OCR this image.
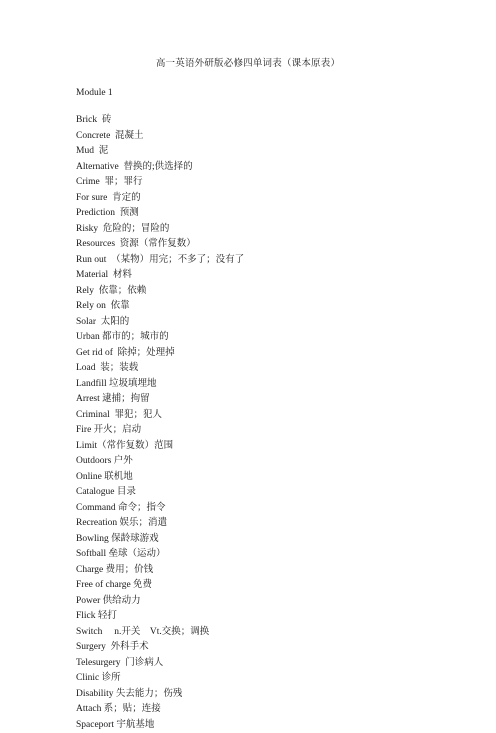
高一英语外研版必修四单词表（课本原表）
Module 1
Brick  砖
Concrete  混凝土
Mud  泥
Alternative  替换的;供选择的
Crime  罪；罪行
For sure  肯定的
Prediction  预测
Risky  危险的；冒险的
Resources  资源（常作复数）
Run out  （某物）用完；不多了；没有了
Material  材料
Rely  依靠；依赖
Rely on  依靠
Solar  太阳的
Urban 都市的；城市的
Get rid of  除掉；处理掉
Load  装；装载
Landfill 垃圾填埋地
Arrest 逮捕；拘留
Criminal  罪犯；犯人
Fire 开火；启动
Limit（常作复数）范围
Outdoors 户外
Online 联机地
Catalogue 目录
Command 命令；指令
Recreation 娱乐；消遣
Bowling 保龄球游戏
Softball 垒球（运动）
Charge 费用；价钱
Free of charge 免费
Power 供给动力
Flick 轻打
Switch     n.开关    Vt.交换；调换
Surgery  外科手术
Telesurgery  门诊病人
Clinic 诊所
Disability 失去能力；伤残
Attach 系；贴；连接
Spaceport 宇航基地
